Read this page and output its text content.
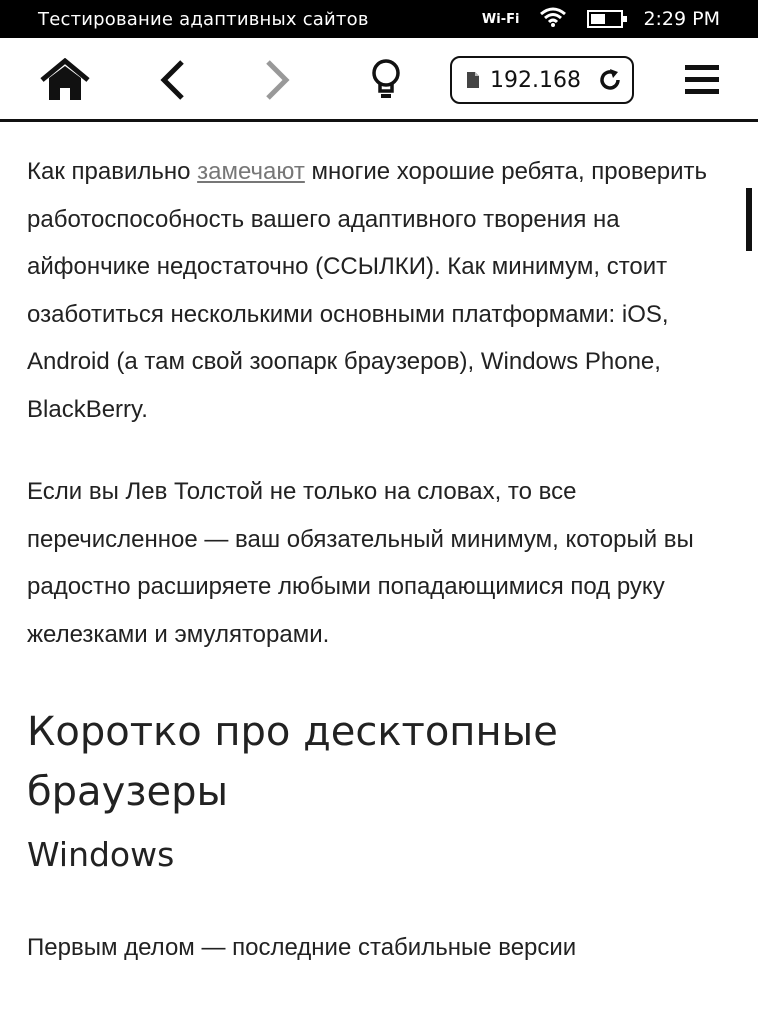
Тестирование адаптивных сайтов	Wi-Fi	2:29 PM
192.168

Как правильно замечают многие хорошие ребята, проверить работоспособность вашего адаптивного творения на айфончике недостаточно (ССЫЛКИ). Как минимум, стоит озаботиться несколькими основными платформами: iOS, Android (а там свой зоопарк браузеров), Windows Phone, BlackBerry.

Если вы Лев Толстой не только на словах, то все перечисленное — ваш обязательный минимум, который вы радостно расширяете любыми попадающимися под руку железками и эмуляторами.

Коротко про десктопные браузеры
Windows

Первым делом — последние стабильные версии
